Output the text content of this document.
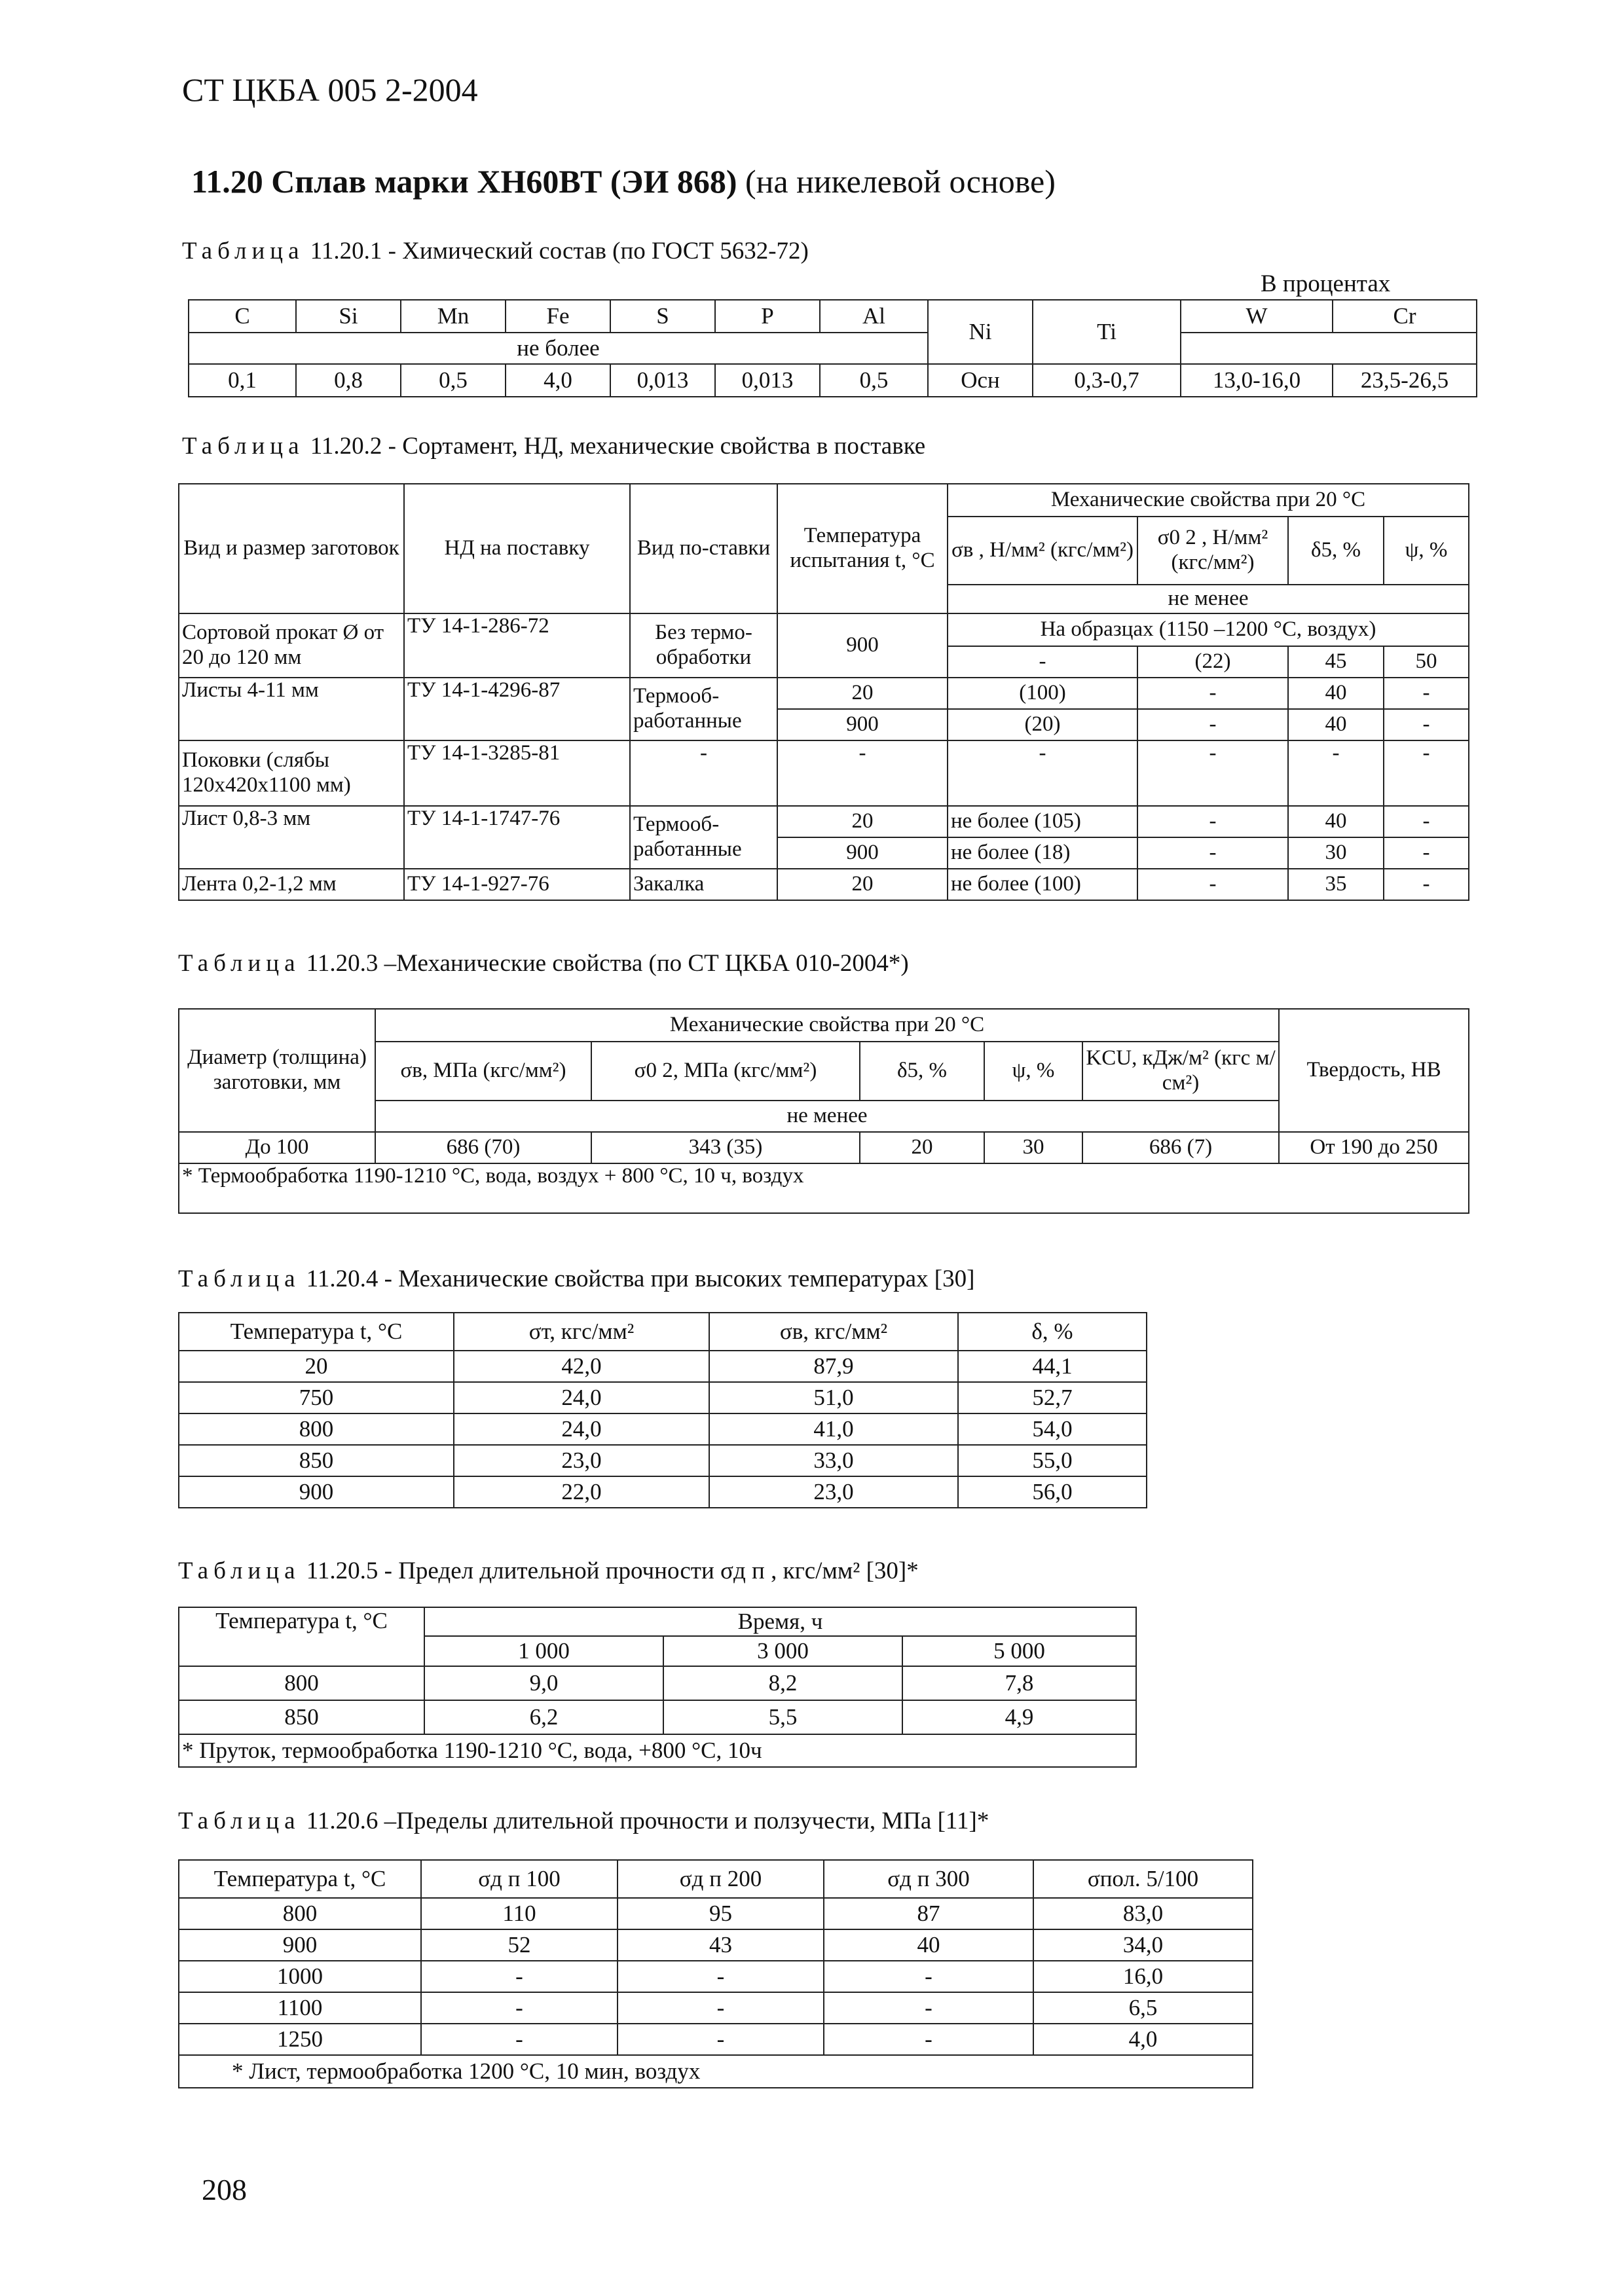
СТ ЦКБА 005 2-2004
11.20 Сплав марки ХН60ВТ (ЭИ 868) (на никелевой основе)
Таблица 11.20.1 - Химический состав (по ГОСТ 5632-72)
В процентах
C	Si	Mn	Fe	S	P	Al	Ni	Ti	W	Cr
не более										
0,1	0,8	0,5	4,0	0,013	0,013	0,5	Осн	0,3-0,7	13,0-16,0	23,5-26,5
Таблица 11.20.2 - Сортамент, НД, механические свойства в поставке
Вид и размер заготовок	НД на поставку	Вид по-ставки	Температура испытания t, °С	Механические свойства при 20 °С			
				σв , Н/мм² (кгс/мм²)	σ0 2 , Н/мм² (кгс/мм²)	δ5, %	ψ, %
				не менее			
Сортовой прокат Ø от 20 до 120 мм	ТУ 14-1-286-72	Без термо-обработки	900	На образцах (1150 –1200 °С, воздух)			
				-	(22)	45	50
Листы 4-11 мм	ТУ 14-1-4296-87	Термооб-работанные	20	(100)	-	40	-
			900	(20)	-	40	-
Поковки (слябы 120х420х1100 мм)	ТУ 14-1-3285-81	-	-	-	-	-	-
Лист 0,8-3 мм	ТУ 14-1-1747-76	Термооб-работанные	20	не более (105)	-	40	-
			900	не более (18)	-	30	-
Лента 0,2-1,2 мм	ТУ 14-1-927-76	Закалка	20	не более (100)	-	35	-
Таблица 11.20.3 –Механические свойства (по СТ ЦКБА 010-2004*)
Диаметр (толщина) заготовки, мм	Механические свойства при 20 °С					Твердость, НВ
	σв, МПа (кгс/мм²)	σ0 2, МПа (кгс/мм²)	δ5, %	ψ, %	KCU, кДж/м² (кгс м/см²)	
	не менее					
До 100	686 (70)	343 (35)	20	30	686 (7)	От 190 до 250
* Термообработка 1190-1210 °С, вода, воздух + 800 °С, 10 ч, воздух						
Таблица 11.20.4 - Механические свойства при высоких температурах [30]
Температура t, °С	σт, кгс/мм²	σв, кгс/мм²	δ, %
20	42,0	87,9	44,1
750	24,0	51,0	52,7
800	24,0	41,0	54,0
850	23,0	33,0	55,0
900	22,0	23,0	56,0
Таблица 11.20.5 - Предел длительной прочности σд п , кгс/мм² [30]*
Температура t, °С	Время, ч		
	1 000	3 000	5 000
800	9,0	8,2	7,8
850	6,2	5,5	4,9
* Пруток, термообработка 1190-1210 °С, вода, +800 °С, 10ч			
Таблица 11.20.6 –Пределы длительной прочности и ползучести, МПа [11]*
Температура t, °С	σд п 100	σд п 200	σд п 300	σпол. 5/100
800	110	95	87	83,0
900	52	43	40	34,0
1000	-	-	-	16,0
1100	-	-	-	6,5
1250	-	-	-	4,0
* Лист, термообработка 1200 °С, 10 мин, воздух				
208
